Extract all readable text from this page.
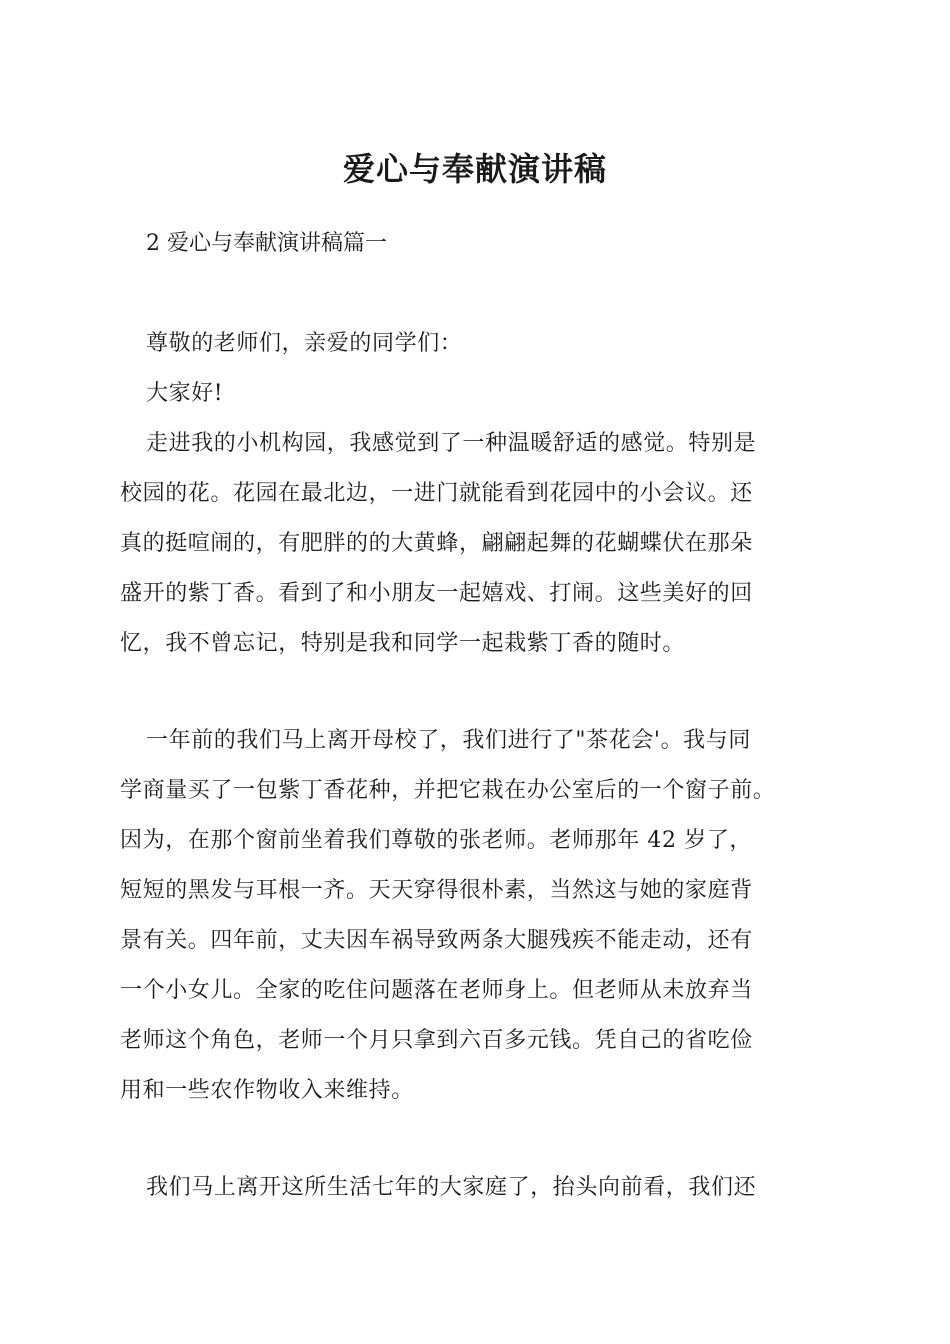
爱心与奉献演讲稿
2 爱心与奉献演讲稿篇一
尊敬的老师们，亲爱的同学们：
大家好!
走进我的小机构园，我感觉到了一种温暖舒适的感觉。特别是
校园的花。花园在最北边，一进门就能看到花园中的小会议。还
真的挺喧闹的，有肥胖的的大黄蜂，翩翩起舞的花蝴蝶伏在那朵
盛开的紫丁香。看到了和小朋友一起嬉戏、打闹。这些美好的回
忆，我不曾忘记，特别是我和同学一起栽紫丁香的随时。
一年前的我们马上离开母校了，我们进行了"茶花会'。我与同
学商量买了一包紫丁香花种，并把它栽在办公室后的一个窗子前。
因为，在那个窗前坐着我们尊敬的张老师。老师那年 42 岁了，
短短的黑发与耳根一齐。天天穿得很朴素，当然这与她的家庭背
景有关。四年前，丈夫因车祸导致两条大腿残疾不能走动，还有
一个小女儿。全家的吃住问题落在老师身上。但老师从未放弃当
老师这个角色，老师一个月只拿到六百多元钱。凭自己的省吃俭
用和一些农作物收入来维持。
我们马上离开这所生活七年的大家庭了，抬头向前看，我们还
